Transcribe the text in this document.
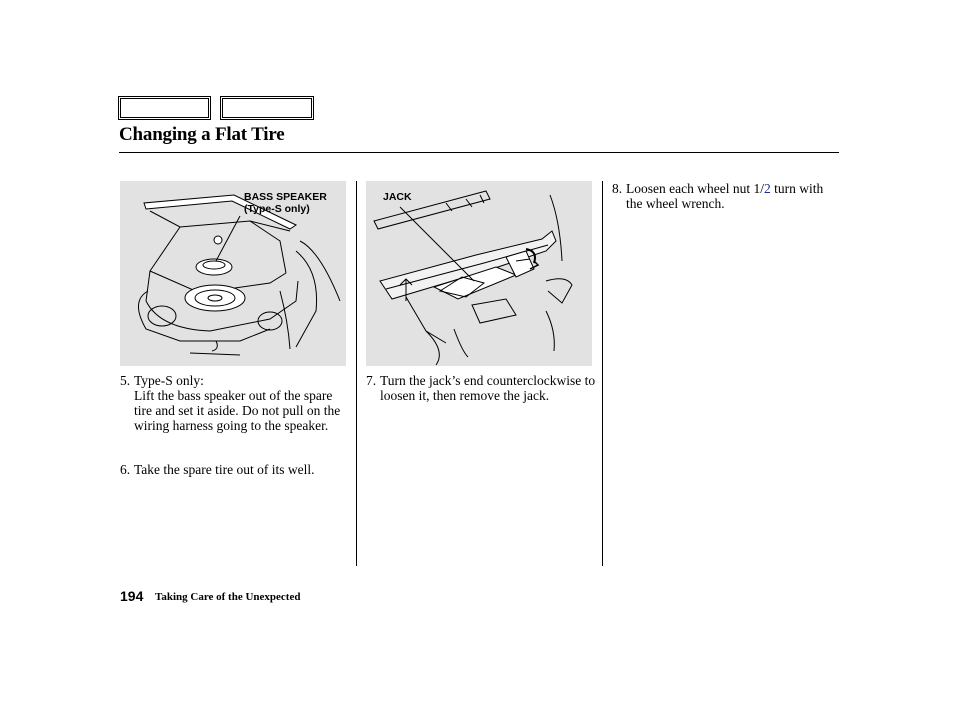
Changing a Flat Tire
BASS SPEAKER
(Type-S only)
JACK
5. Type-S only:
Lift the bass speaker out of the spare tire and set it aside. Do not pull on the wiring harness going to the speaker.
6. Take the spare tire out of its well.
7. Turn the jack’s end counterclockwise to loosen it, then remove the jack.
8. Loosen each wheel nut 1/2 turn with the wheel wrench.
194 Taking Care of the Unexpected
